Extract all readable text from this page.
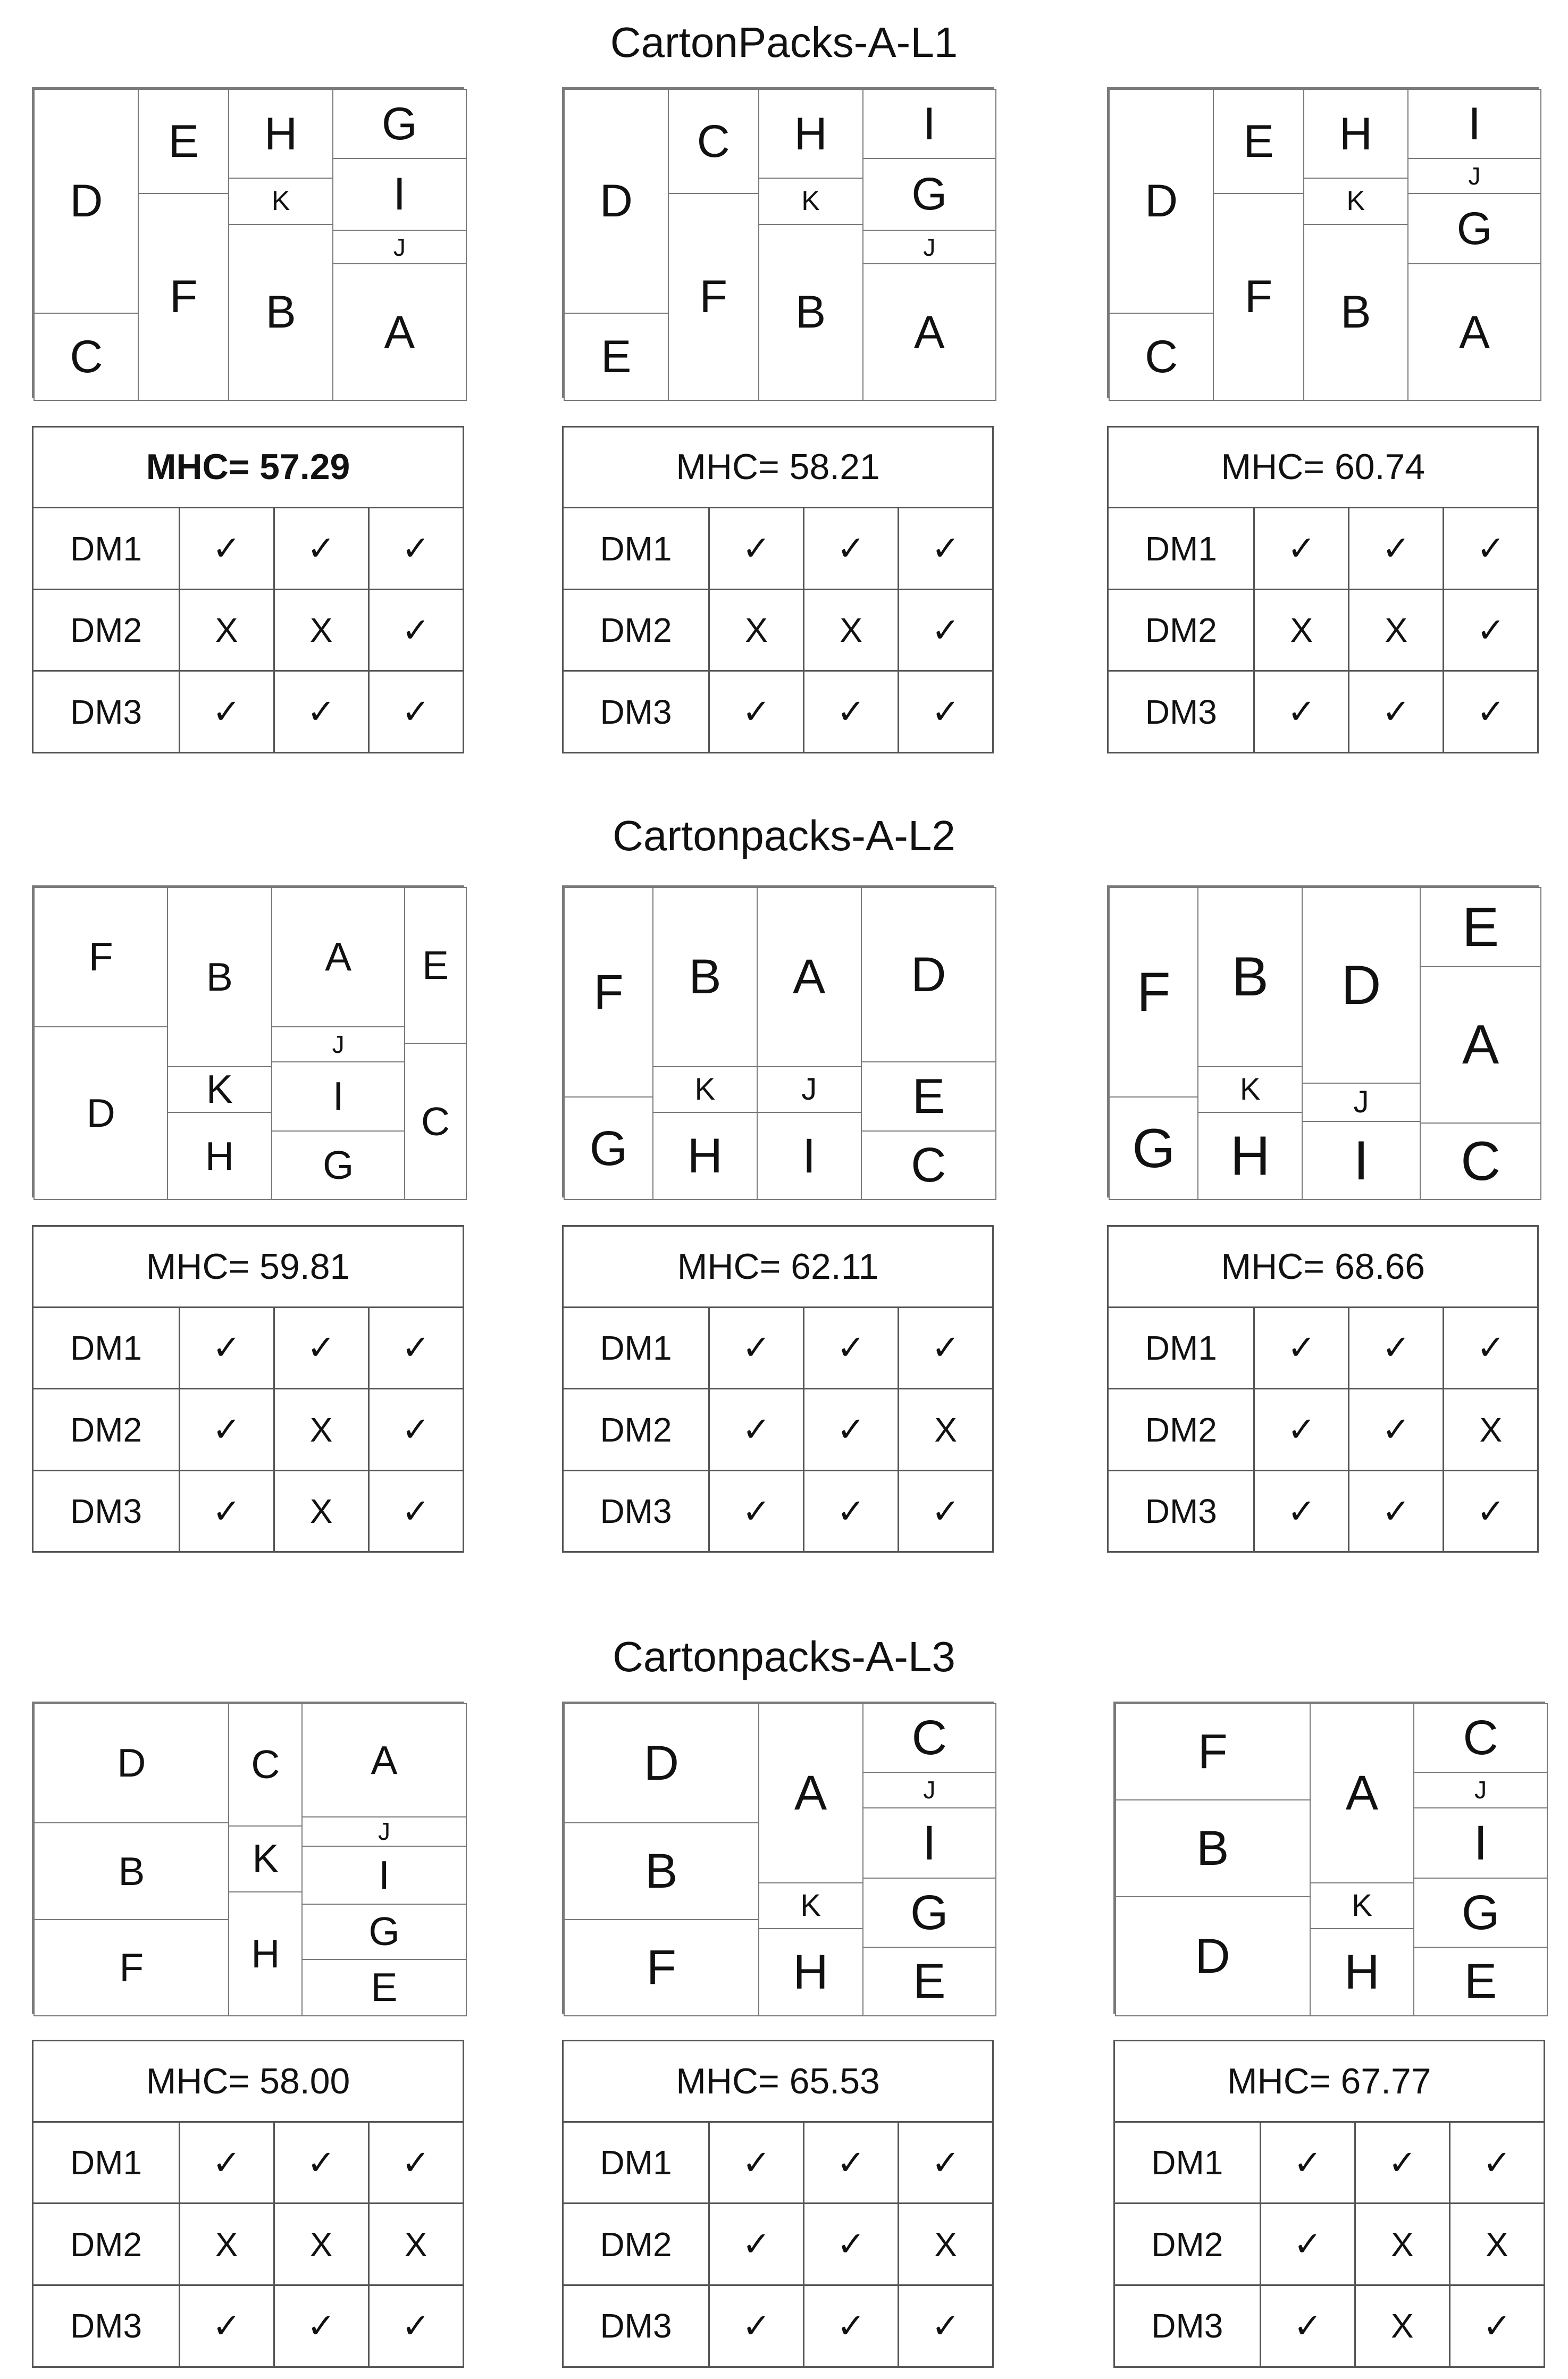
CartonPacks-A-L1
D
C
E
F
H
K
B
G
I
J
A
MHC= 57.29			
DM1	✓	✓	✓
DM2	X	X	✓
DM3	✓	✓	✓
D
E
C
F
H
K
B
I
G
J
A
MHC= 58.21			
DM1	✓	✓	✓
DM2	X	X	✓
DM3	✓	✓	✓
D
C
E
F
H
K
B
I
J
G
A
MHC= 60.74			
DM1	✓	✓	✓
DM2	X	X	✓
DM3	✓	✓	✓
Cartonpacks-A-L2
F
D
B
K
H
A
J
I
G
E
C
MHC= 59.81			
DM1	✓	✓	✓
DM2	✓	X	✓
DM3	✓	X	✓
F
G
B
K
H
A
J
I
D
E
C
MHC= 62.11			
DM1	✓	✓	✓
DM2	✓	✓	X
DM3	✓	✓	✓
F
G
B
K
H
D
J
I
E
A
C
MHC= 68.66			
DM1	✓	✓	✓
DM2	✓	✓	X
DM3	✓	✓	✓
Cartonpacks-A-L3
D
B
F
C
K
H
A
J
I
G
E
MHC= 58.00			
DM1	✓	✓	✓
DM2	X	X	X
DM3	✓	✓	✓
D
B
F
A
K
H
C
J
I
G
E
MHC= 65.53			
DM1	✓	✓	✓
DM2	✓	✓	X
DM3	✓	✓	✓
F
B
D
A
K
H
C
J
I
G
E
MHC= 67.77			
DM1	✓	✓	✓
DM2	✓	X	X
DM3	✓	X	✓
